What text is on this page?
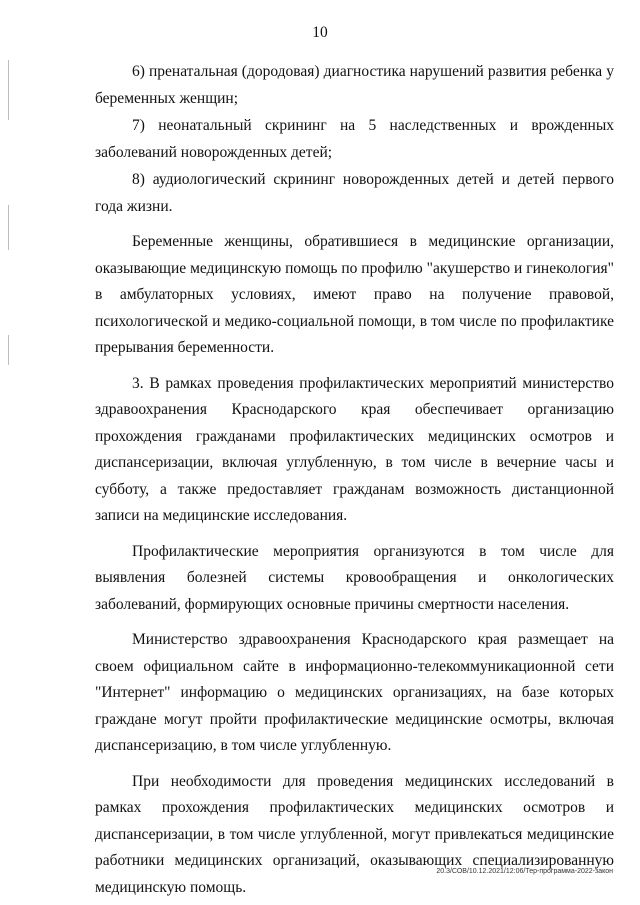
10

6) пренатальная (дородовая) диагностика нарушений развития ребенка у беременных женщин;

7) неонатальный скрининг на 5 наследственных и врожденных заболеваний новорожденных детей;

8) аудиологический скрининг новорожденных детей и детей первого года жизни.

Беременные женщины, обратившиеся в медицинские организации, оказывающие медицинскую помощь по профилю "акушерство и гинекология" в амбулаторных условиях, имеют право на получение правовой, психологической и медико-социальной помощи, в том числе по профилактике прерывания беременности.

3. В рамках проведения профилактических мероприятий министерство здравоохранения Краснодарского края обеспечивает организацию прохождения гражданами профилактических медицинских осмотров и диспансеризации, включая углубленную, в том числе в вечерние часы и субботу, а также предоставляет гражданам возможность дистанционной записи на медицинские исследования.

Профилактические мероприятия организуются в том числе для выявления болезней системы кровообращения и онкологических заболеваний, формирующих основные причины смертности населения.

Министерство здравоохранения Краснодарского края размещает на своем официальном сайте в информационно-телекоммуникационной сети "Интернет" информацию о медицинских организациях, на базе которых граждане могут пройти профилактические медицинские осмотры, включая диспансеризацию, в том числе углубленную.

При необходимости для проведения медицинских исследований в рамках прохождения профилактических медицинских осмотров и диспансеризации, в том числе углубленной, могут привлекаться медицинские работники медицинских организаций, оказывающих специализированную медицинскую помощь.

20.3/СОВ/10.12.2021/12:06/Тер-программа-2022-закон
